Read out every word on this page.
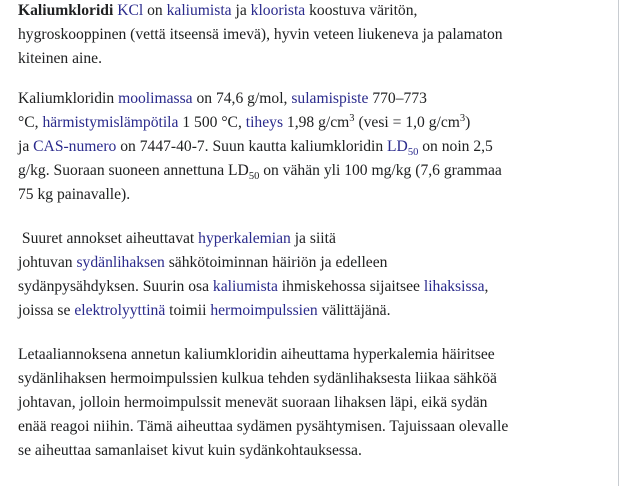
Kaliumkloridi KCl on kaliumista ja kloorista koostuva väritön,
hygroskooppinen (vettä itseensä imevä), hyvin veteen liukeneva ja palamaton
kiteinen aine.
Kaliumkloridin moolimassa on 74,6 g/mol, sulamispiste 770–773
°C, härmistymislämpötila 1 500 °C, tiheys 1,98 $g/cm^3$ (vesi = 1,0 $g/cm^3$)
ja CAS-numero on 7447-40-7. Suun kautta kaliumkloridin $LD_{50}$ on noin 2,5
g/kg. Suoraan suoneen annettuna $LD_{50}$ on vähän yli 100 mg/kg (7,6 grammaa
75 kg painavalle).
Suuret annokset aiheuttavat hyperkalemian ja siitä
johtuvan sydänlihaksen sähkötoiminnan häiriön ja edelleen
sydänpysähdyksen. Suurin osa kaliumista ihmiskehossa sijaitsee lihaksissa,
joissa se elektrolyyttinä toimii hermoimpulssien välittäjänä.
Letaaliannoksena annetun kaliumkloridin aiheuttama hyperkalemia häiritsee
sydänlihaksen hermoimpulssien kulkua tehden sydänlihaksesta liikaa sähköä
johtavan, jolloin hermoimpulssit menevät suoraan lihaksen läpi, eikä sydän
enää reagoi niihin. Tämä aiheuttaa sydämen pysähtymisen. Tajuissaan olevalle
se aiheuttaa samanlaiset kivut kuin sydänkohtauksessa.
